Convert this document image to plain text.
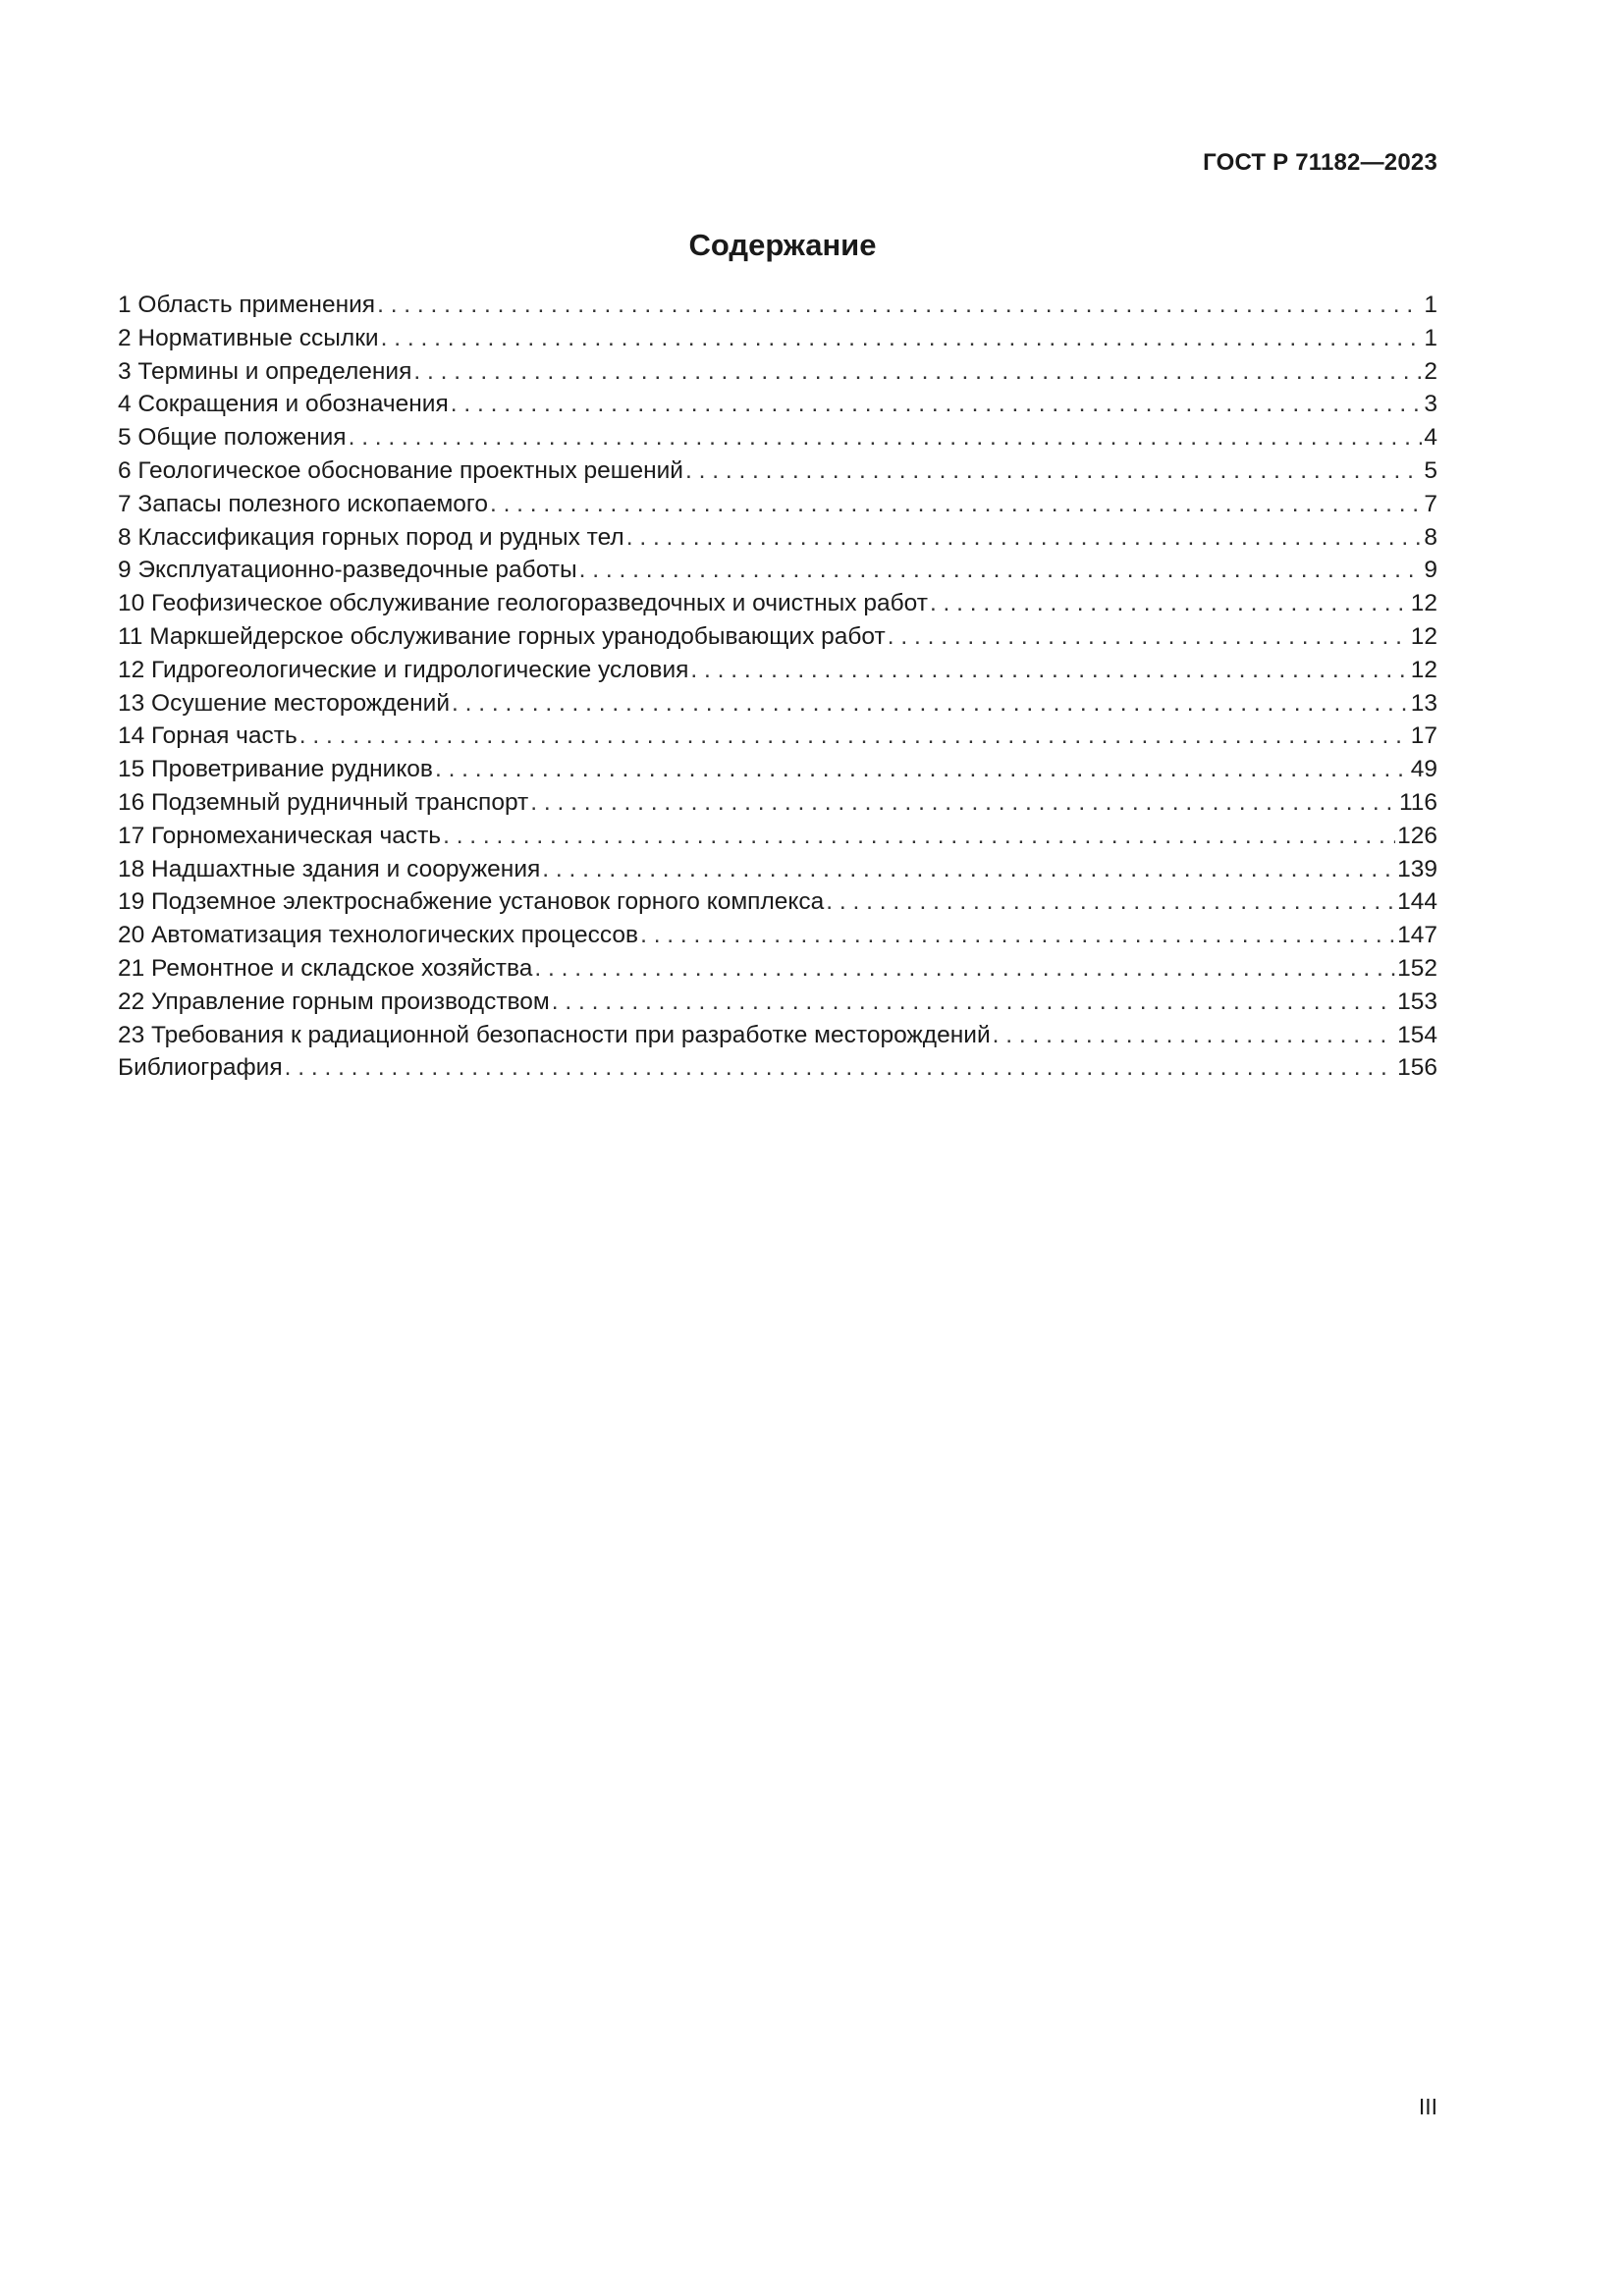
ГОСТ Р 71182—2023
Содержание
1 Область применения . . .	1
2 Нормативные ссылки . . .	1
3 Термины и определения . . .	2
4 Сокращения и обозначения . . .	3
5 Общие положения . . .	4
6 Геологическое обоснование проектных решений . . .	5
7 Запасы полезного ископаемого . . .	7
8 Классификация горных пород и рудных тел . . .	8
9 Эксплуатационно-разведочные работы . . .	9
10 Геофизическое обслуживание геологоразведочных и очистных работ . . .	12
11 Маркшейдерское обслуживание горных уранодобывающих работ . . .	12
12 Гидрогеологические и гидрологические условия . . .	12
13 Осушение месторождений . . .	13
14 Горная часть . . .	17
15 Проветривание рудников . . .	49
16 Подземный рудничный транспорт . . .	116
17 Горномеханическая часть . . .	126
18 Надшахтные здания и сооружения . . .	139
19 Подземное электроснабжение установок горного комплекса . . .	144
20 Автоматизация технологических процессов . . .	147
21 Ремонтное и складское хозяйства . . .	152
22 Управление горным производством . . .	153
23 Требования к радиационной безопасности при разработке месторождений . . .	154
Библиография . . .	156
III
